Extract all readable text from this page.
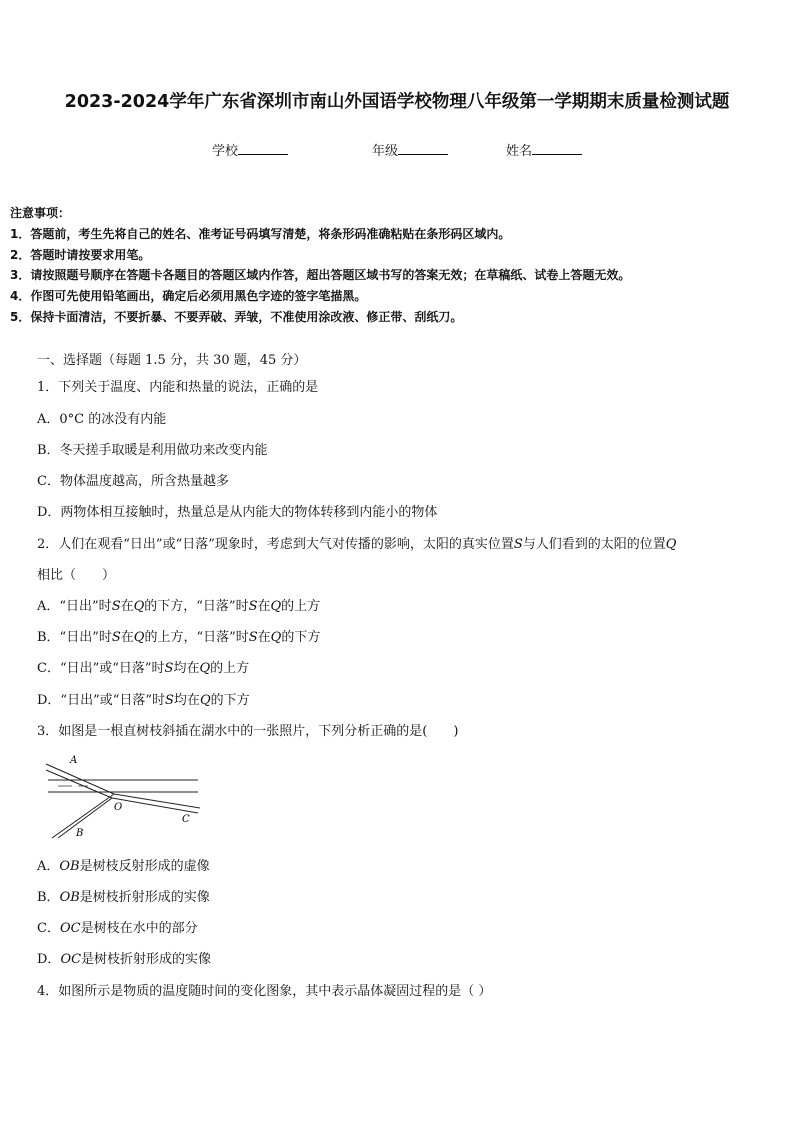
2023-2024学年广东省深圳市南山外国语学校物理八年级第一学期期末质量检测试题
学校	年级	姓名
注意事项：
1．答题前，考生先将自己的姓名、准考证号码填写清楚，将条形码准确粘贴在条形码区域内。
2．答题时请按要求用笔。
3．请按照题号顺序在答题卡各题目的答题区域内作答，超出答题区域书写的答案无效；在草稿纸、试卷上答题无效。
4．作图可先使用铅笔画出，确定后必须用黑色字迹的签字笔描黑。
5．保持卡面清洁，不要折暴、不要弄破、弄皱，不准使用涂改液、修正带、刮纸刀。
一、选择题（每题 1.5 分，共 30 题，45 分）
1．下列关于温度、内能和热量的说法，正确的是
A．0°C 的冰没有内能
B．冬天搓手取暖是利用做功来改变内能
C．物体温度越高，所含热量越多
D．两物体相互接触时，热量总是从内能大的物体转移到内能小的物体
2．人们在观看“日出”或“日落”现象时，考虑到大气对传播的影响，太阳的真实位置S与人们看到的太阳的位置Q
相比（　　）
A．“日出”时S在Q的下方，“日落”时S在Q的上方
B．“日出”时S在Q的上方，“日落”时S在Q的下方
C．“日出”或“日落”时S均在Q的上方
D．“日出”或“日落”时S均在Q的下方
3．如图是一根直树枝斜插在湖水中的一张照片，下列分析正确的是(　　)
A
B
O
C
A．OB是树枝反射形成的虚像
B．OB是树枝折射形成的实像
C．OC是树枝在水中的部分
D．OC是树枝折射形成的实像
4．如图所示是物质的温度随时间的变化图象，其中表示晶体凝固过程的是（ ）
